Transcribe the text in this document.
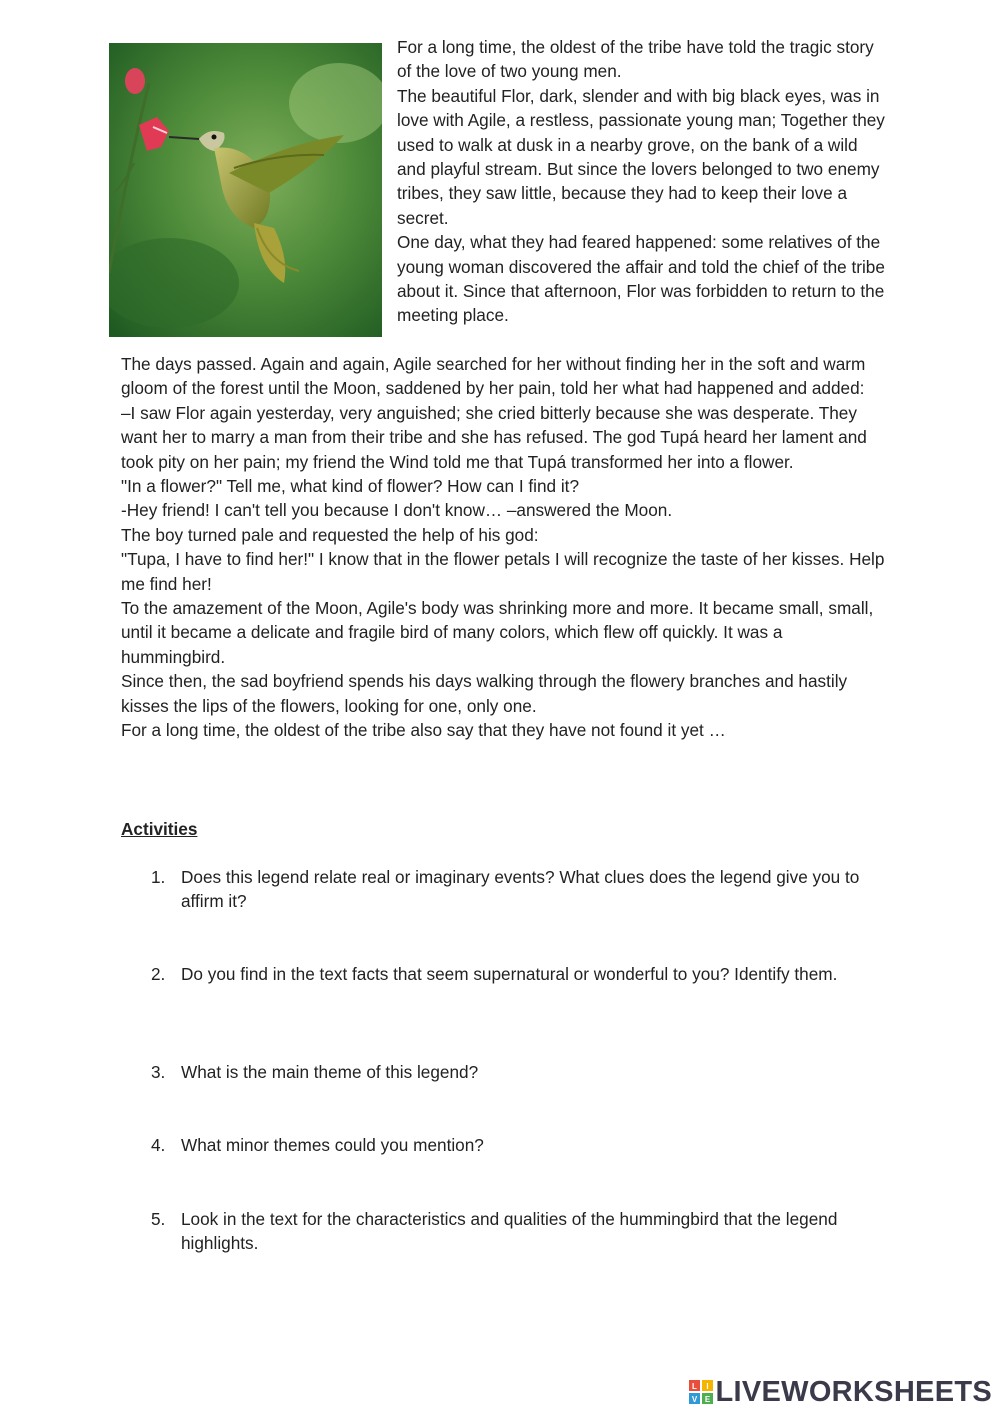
For a long time, the oldest of the tribe have told the tragic story of the love of two young men.

The beautiful Flor, dark, slender and with big black eyes, was in love with Agile, a restless, passionate young man; Together they used to walk at dusk in a nearby grove, on the bank of a wild and playful stream. But since the lovers belonged to two enemy tribes, they saw little, because they had to keep their love a secret.

One day, what they had feared happened: some relatives of the young woman discovered the affair and told the chief of the tribe about it. Since that afternoon, Flor was forbidden to return to the meeting place.

The days passed. Again and again, Agile searched for her without finding her in the soft and warm gloom of the forest until the Moon, saddened by her pain, told her what had happened and added:

–I saw Flor again yesterday, very anguished; she cried bitterly because she was desperate. They want her to marry a man from their tribe and she has refused. The god Tupá heard her lament and took pity on her pain; my friend the Wind told me that Tupá transformed her into a flower.

"In a flower?" Tell me, what kind of flower? How can I find it?

-Hey friend! I can't tell you because I don't know… –answered the Moon.

The boy turned pale and requested the help of his god:

"Tupa, I have to find her!" I know that in the flower petals I will recognize the taste of her kisses. Help me find her!

To the amazement of the Moon, Agile's body was shrinking more and more. It became small, small, until it became a delicate and fragile bird of many colors, which flew off quickly. It was a hummingbird.

Since then, the sad boyfriend spends his days walking through the flowery branches and hastily kisses the lips of the flowers, looking for one, only one.

For a long time, the oldest of the tribe also say that they have not found it yet …

Activities
1. Does this legend relate real or imaginary events? What clues does the legend give you to affirm it?
2. Do you find in the text facts that seem supernatural or wonderful to you? Identify them.
3. What is the main theme of this legend?
4. What minor themes could you mention?
5. Look in the text for the characteristics and qualities of the hummingbird that the legend highlights.
L I
V E LIVEWORKSHEETS
